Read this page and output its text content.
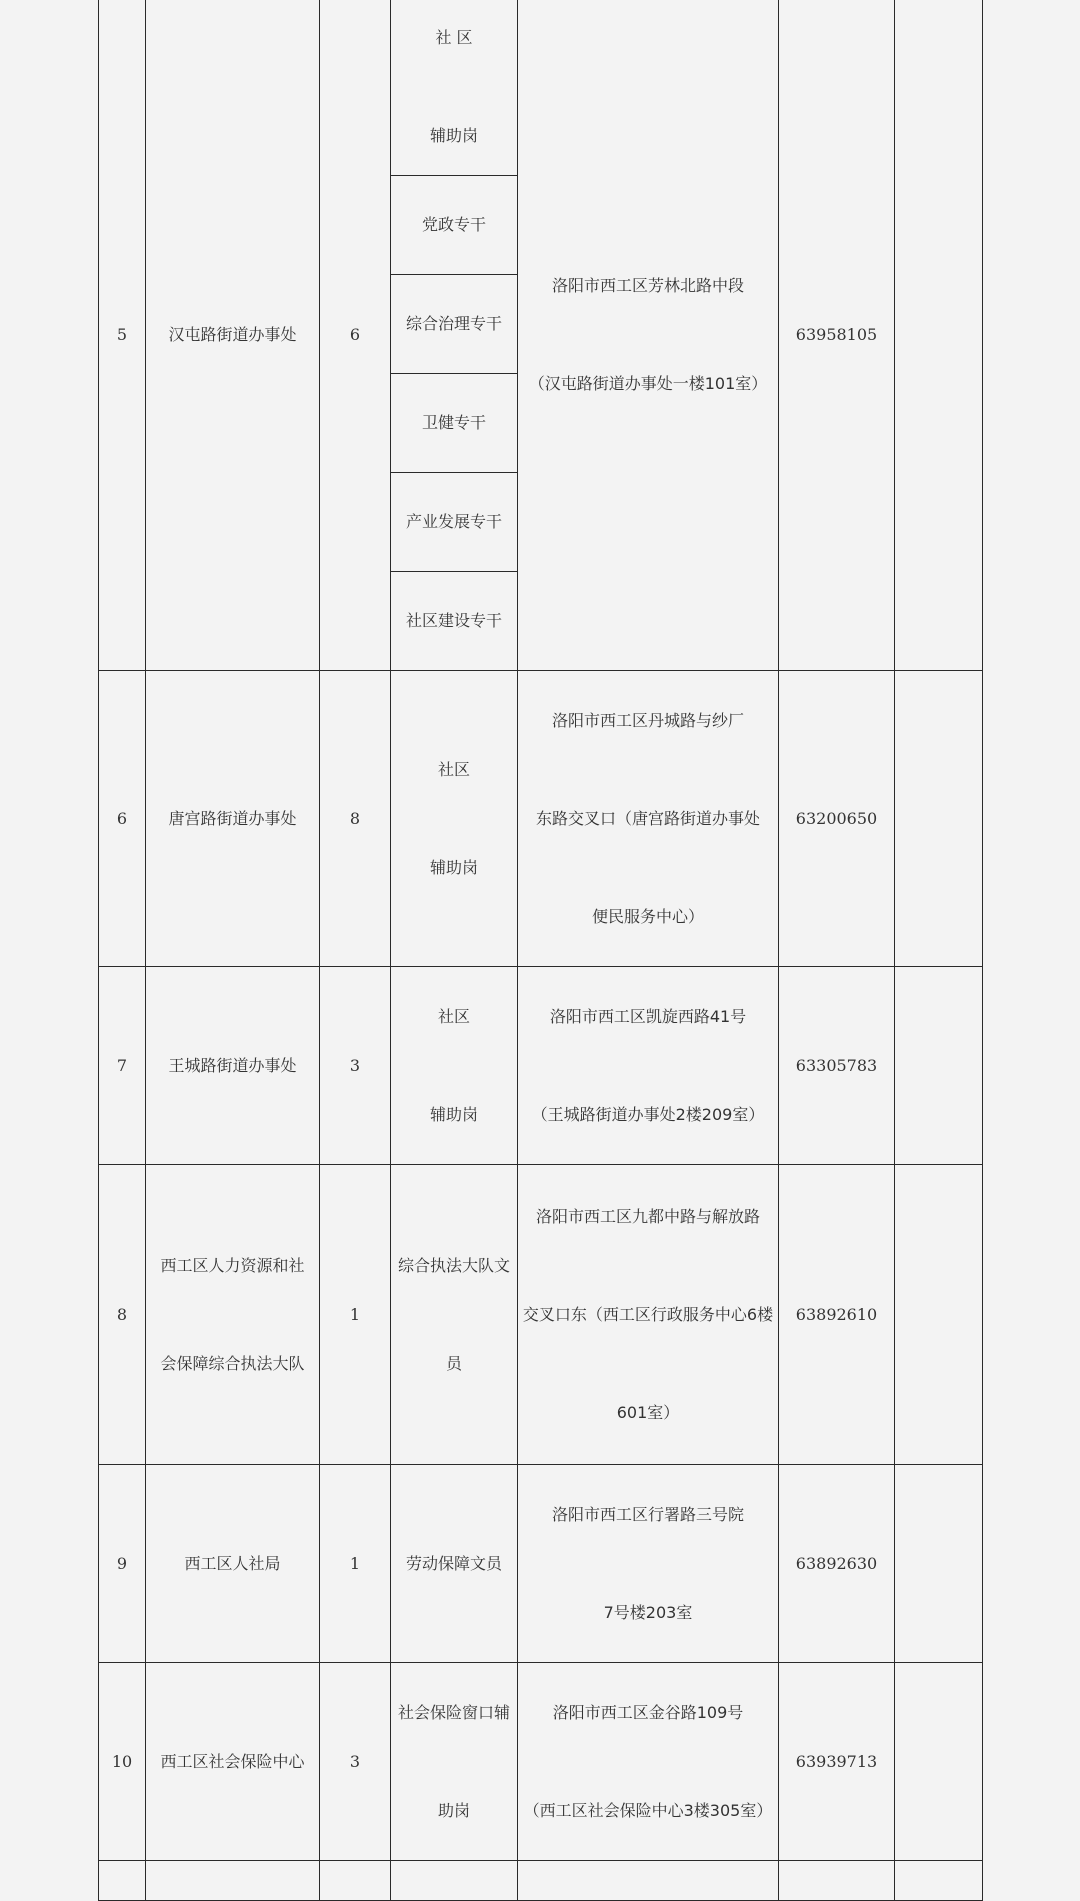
5	汉屯路街道办事处	6	社 区
辅助岗	洛阳市西工区芳林北路中段
（汉屯路街道办事处一楼101室）	63958105	
			党政专干			
			综合治理专干			
			卫健专干			
			产业发展专干			
			社区建设专干			

6	唐宫路街道办事处	8	社区
辅助岗	洛阳市西工区丹城路与纱厂
东路交叉口（唐宫路街道办事处
便民服务中心）	63200650	
7	王城路街道办事处	3	社区
辅助岗	洛阳市西工区凯旋西路41号
（王城路街道办事处2楼209室）	63305783	
8	西工区人力资源和社
会保障综合执法大队	1	综合执法大队文
员	洛阳市西工区九都中路与解放路
交叉口东（西工区行政服务中心6楼
601室）	63892610	
9	西工区人社局	1	劳动保障文员	洛阳市西工区行署路三号院
7号楼203室	63892630	
10	西工区社会保险中心	3	社会保险窗口辅
助岗	洛阳市西工区金谷路109号
（西工区社会保险中心3楼305室）	63939713	
